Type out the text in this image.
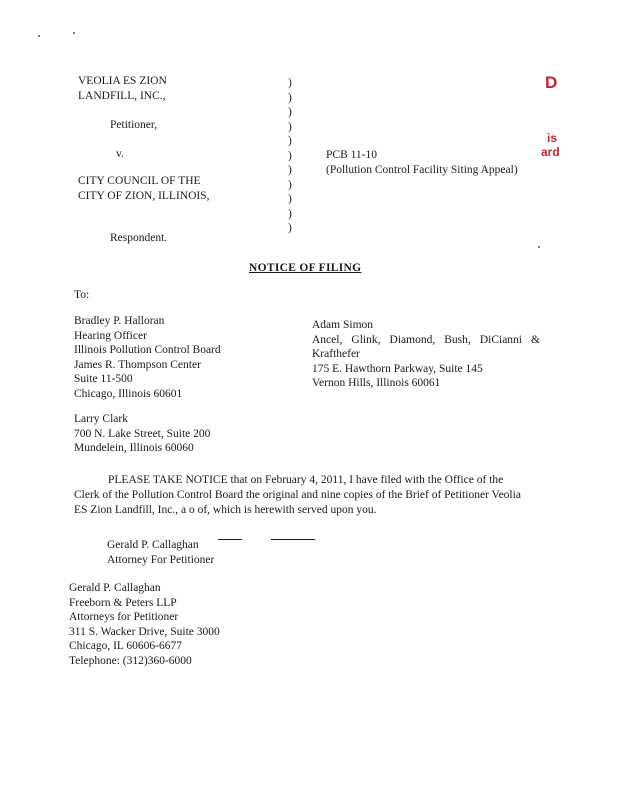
VEOLIA ES ZION
LANDFILL, INC.,
Petitioner,
v.
CITY COUNCIL OF THE
CITY OF ZION, ILLINOIS,
Respondent.
)
)
)
)
)
)
)
)
)
)
)
PCB 11-10
(Pollution Control Facility Siting Appeal)
D
is
ard
NOTICE OF FILING
To:
Bradley P. Halloran
Hearing Officer
Illinois Pollution Control Board
James R. Thompson Center
Suite 11-500
Chicago, Illinois 60601
Larry Clark
700 N. Lake Street, Suite 200
Mundelein, Illinois 60060
Adam Simon
Ancel, Glink, Diamond, Bush, DiCianni &
Krafthefer
175 E. Hawthorn Parkway, Suite 145
Vernon Hills, Illinois 60061
PLEASE TAKE NOTICE that on February 4, 2011, I have filed with the Office of the
Clerk of the Pollution Control Board the original and nine copies of the Brief of Petitioner Veolia
ES Zion Landfill, Inc., a o of, which is herewith served upon you.
Gerald P. Callaghan
Attorney For Petitioner
Gerald P. Callaghan
Freeborn & Peters LLP
Attorneys for Petitioner
311 S. Wacker Drive, Suite 3000
Chicago, IL 60606-6677
Telephone: (312)360-6000
